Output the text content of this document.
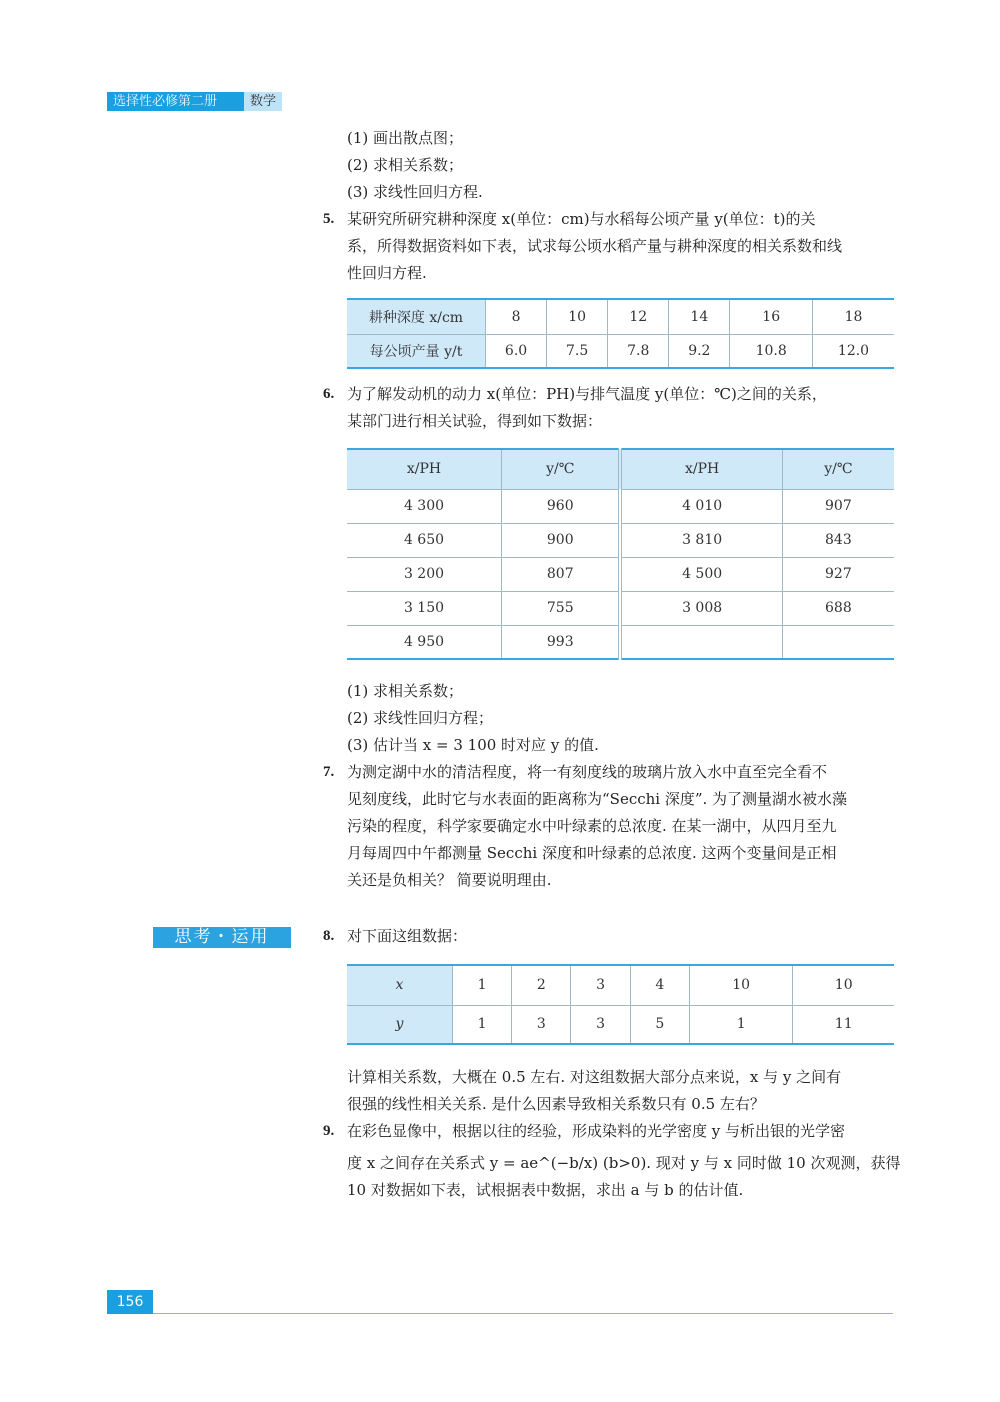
选择性必修第二册	数学
(1) 画出散点图；
(2) 求相关系数；
(3) 求线性回归方程.
5. 某研究所研究耕种深度 x(单位：cm)与水稻每公顷产量 y(单位：t)的关
系，所得数据资料如下表，试求每公顷水稻产量与耕种深度的相关系数和线
性回归方程.
耕种深度 x/cm	8	10	12	14	16	18
每公顷产量 y/t	6.0	7.5	7.8	9.2	10.8	12.0
6. 为了解发动机的动力 x(单位：PH)与排气温度 y(单位：℃)之间的关系，
某部门进行相关试验，得到如下数据：
x/PH	y/℃	x/PH	y/℃
4 300	960	4 010	907
4 650	900	3 810	843
3 200	807	4 500	927
3 150	755	3 008	688
4 950	993		
(1) 求相关系数；
(2) 求线性回归方程；
(3) 估计当 x = 3 100 时对应 y 的值.
7. 为测定湖中水的清洁程度，将一有刻度线的玻璃片放入水中直至完全看不
见刻度线，此时它与水表面的距离称为“Secchi 深度”. 为了测量湖水被水藻
污染的程度，科学家要确定水中叶绿素的总浓度. 在某一湖中，从四月至九
月每周四中午都测量 Secchi 深度和叶绿素的总浓度. 这两个变量间是正相
关还是负相关？ 简要说明理由.
思考・运用	8. 对下面这组数据：
x	1	2	3	4	10	10
y	1	3	3	5	1	11
计算相关系数，大概在 0.5 左右. 对这组数据大部分点来说，x 与 y 之间有
很强的线性相关关系. 是什么因素导致相关系数只有 0.5 左右？
9. 在彩色显像中，根据以往的经验，形成染料的光学密度 y 与析出银的光学密
度 x 之间存在关系式 y = ae^(−b/x) (b>0). 现对 y 与 x 同时做 10 次观测，获得
10 对数据如下表，试根据表中数据，求出 a 与 b 的估计值.
156
